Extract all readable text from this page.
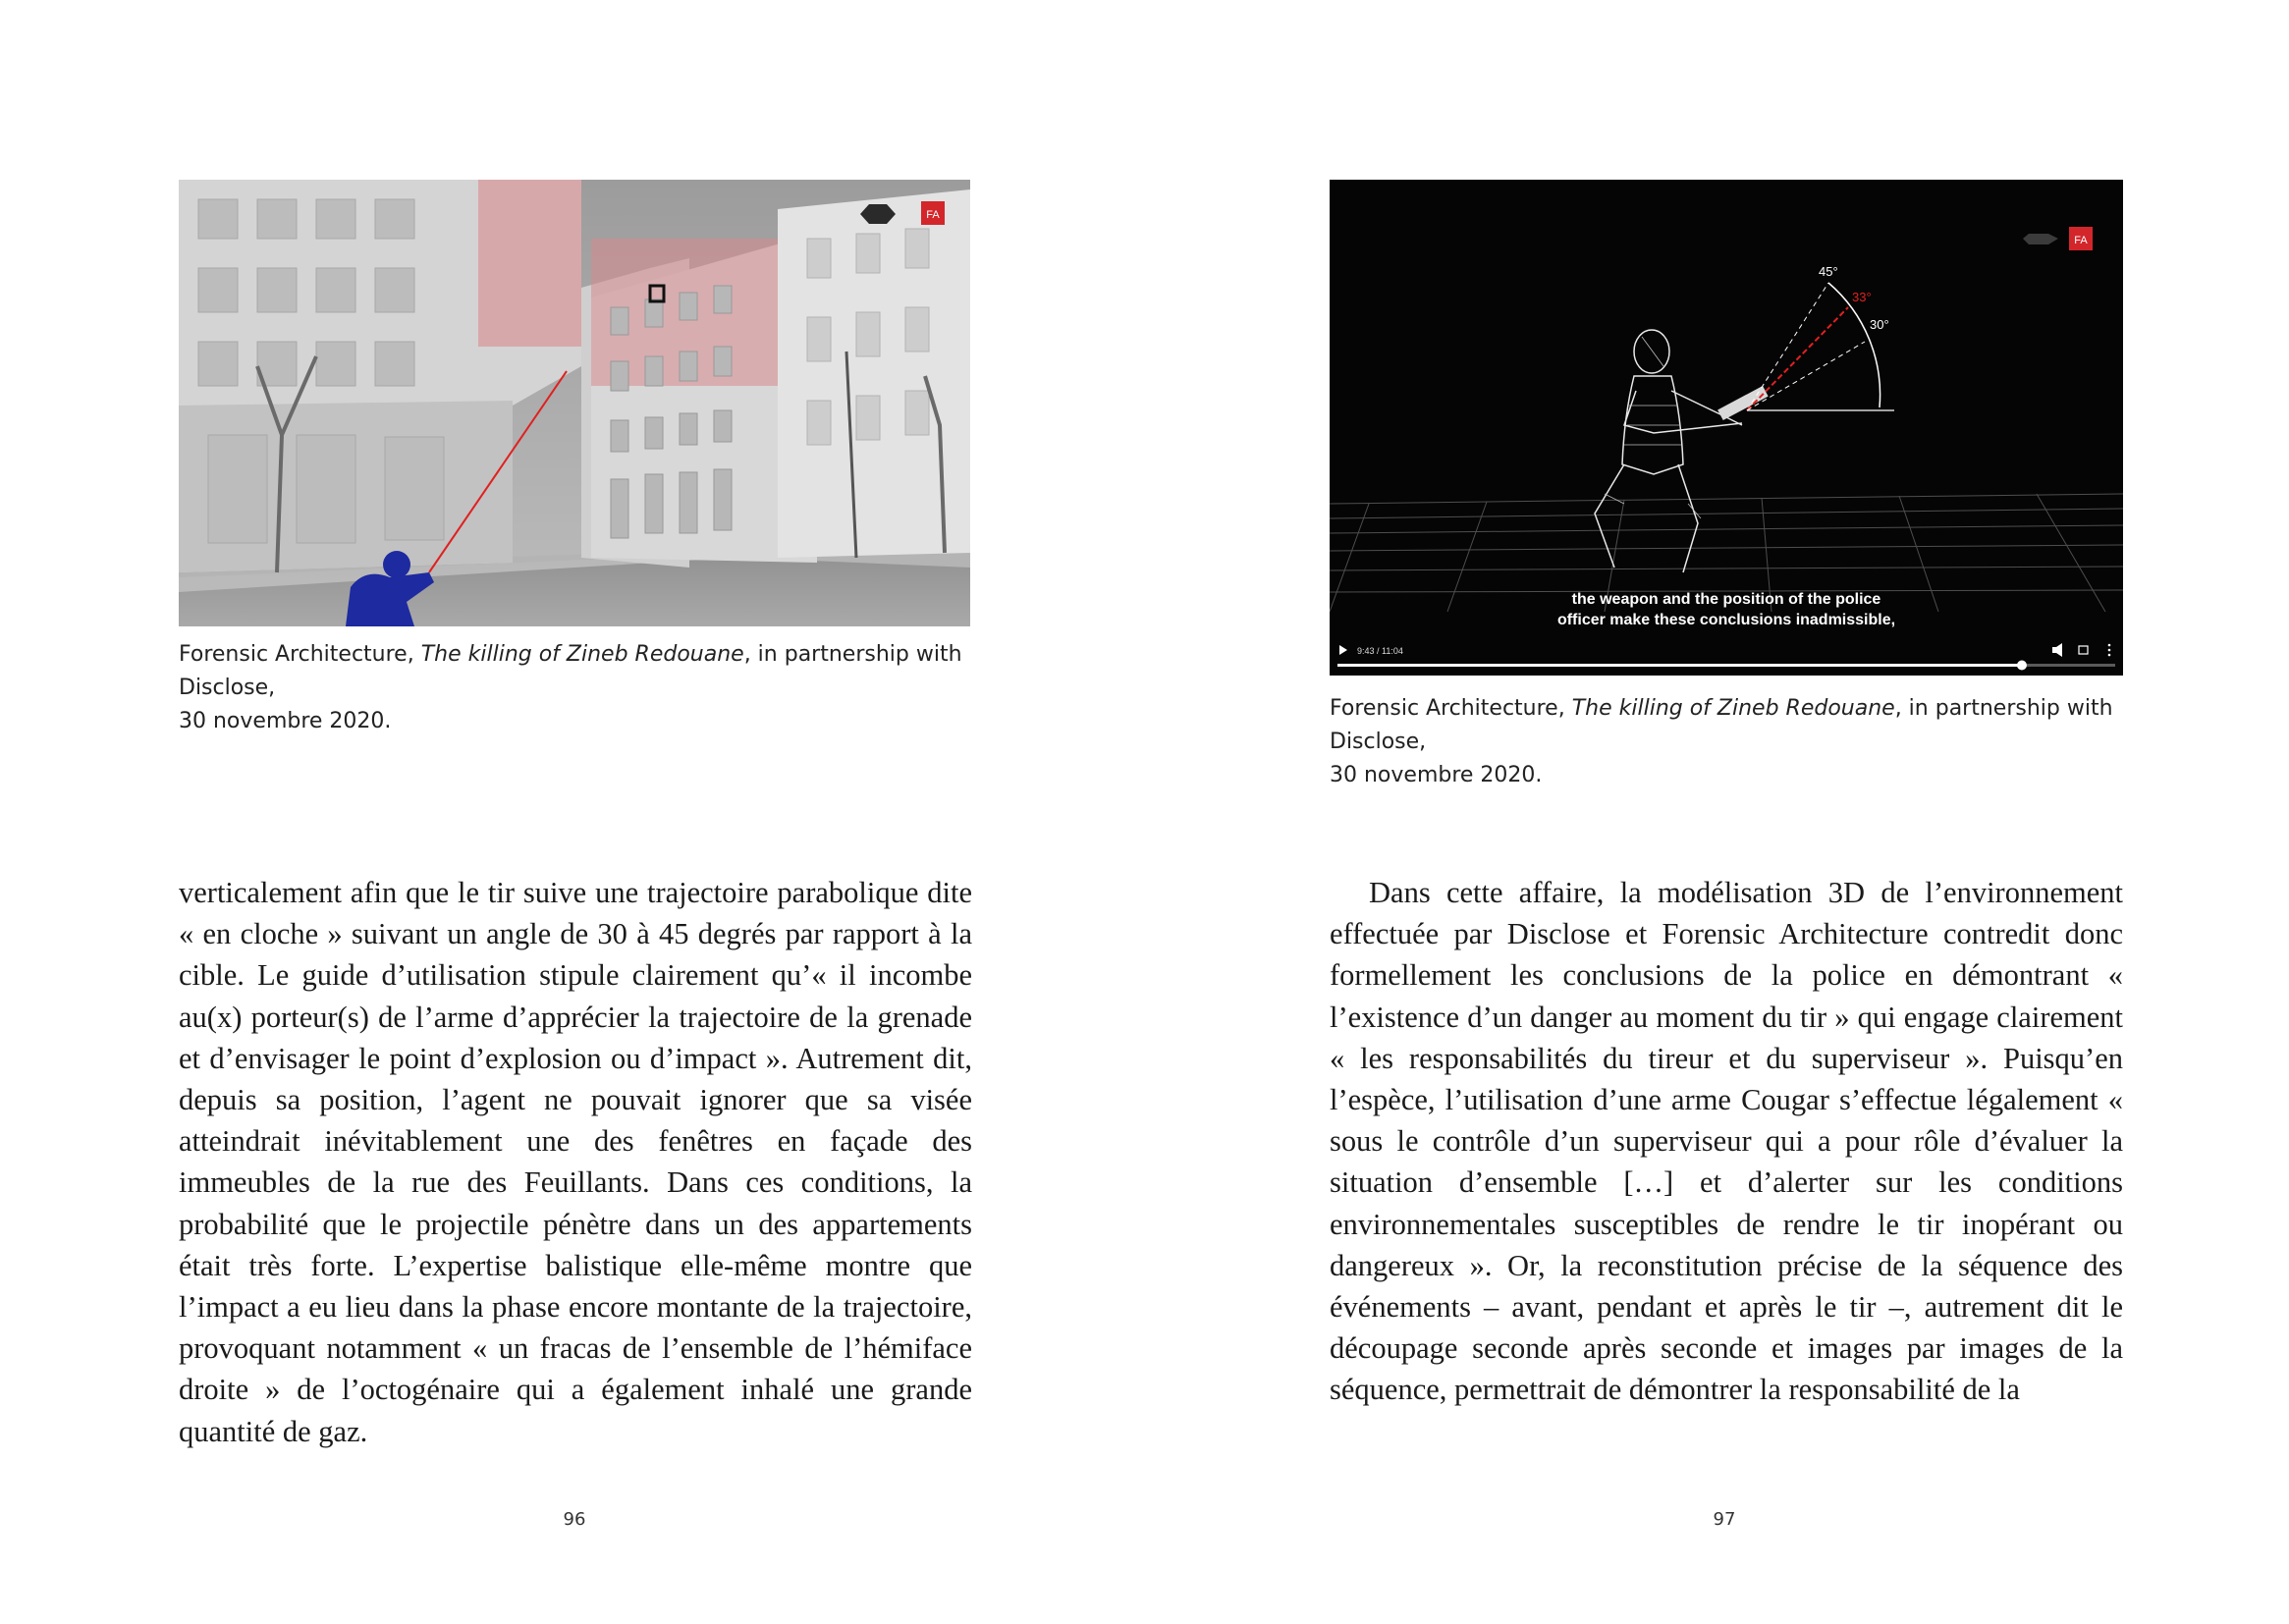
FA
Forensic Architecture, The killing of Zineb Redouane, in partnership with Disclose,
30 novembre 2020.

verticalement afin que le tir suive une trajectoire parabolique dite « en cloche » suivant un angle de 30 à 45 degrés par rapport à la cible. Le guide d’utilisation stipule clairement qu’« il incombe au(x) porteur(s) de l’arme d’apprécier la trajectoire de la grenade et d’envisager le point d’explosion ou d’impact ». Autrement dit, depuis sa position, l’agent ne pouvait ignorer que sa visée atteindrait inévitablement une des fenêtres en façade des immeubles de la rue des Feuillants. Dans ces conditions, la probabilité que le projectile pénètre dans un des appartements était très forte. L’expertise balistique elle-même montre que l’impact a eu lieu dans la phase encore montante de la trajectoire, provoquant notamment « un fracas de l’ensemble de l’hémiface droite » de l’octogénaire qui a également inhalé une grande quantité de gaz.

96
45°
33°
30°
FA
the weapon and the position of the police
officer make these conclusions inadmissible,
9:43 / 11:04
Forensic Architecture, The killing of Zineb Redouane, in partnership with Disclose,
30 novembre 2020.

Dans cette affaire, la modélisation 3D de l’environnement effectuée par Disclose et Forensic Architecture contredit donc formellement les conclusions de la police en démontrant « l’existence d’un danger au moment du tir » qui engage clairement « les responsabilités du tireur et du superviseur ». Puisqu’en l’espèce, l’utilisation d’une arme Cougar s’effectue légalement « sous le contrôle d’un superviseur qui a pour rôle d’évaluer la situation d’ensemble […] et d’alerter sur les conditions environnementales susceptibles de rendre le tir inopérant ou dangereux ». Or, la reconstitution précise de la séquence des événements – avant, pendant et après le tir –, autrement dit le découpage seconde après seconde et images par images de la séquence, permettrait de démontrer la responsabilité de la

97
